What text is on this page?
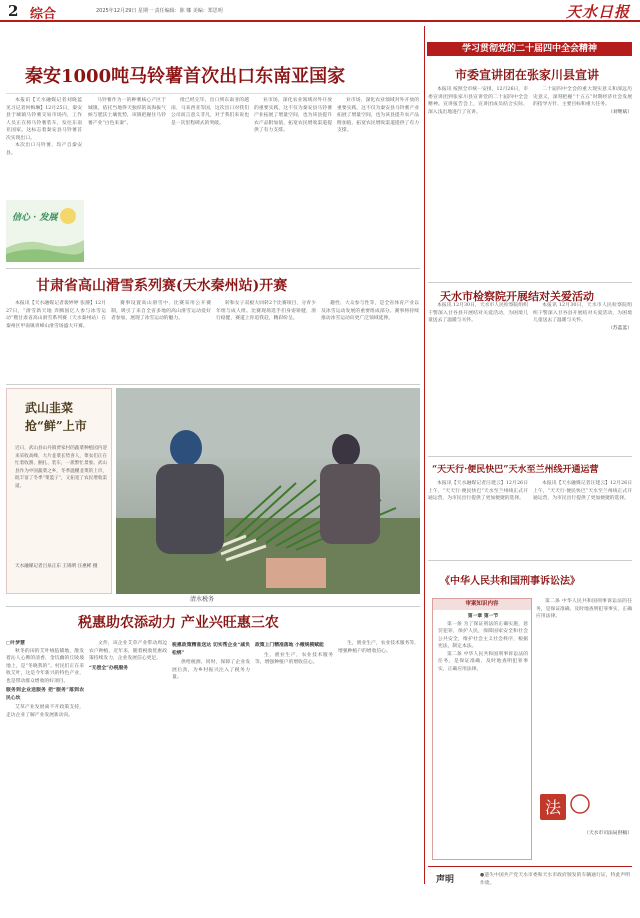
2 综合	2025年12月29日 星期一 责任编辑：陈 娜 美编：郑思明	天水日报
秦安1000吨马铃薯首次出口东南亚国家

本报讯【天水融媒记者刘晓蓝见习记者何梅琳】12月25日，秦安县于城镇马铃薯交易市场内，工作人员正在将马铃薯装车，发往东南亚国家。这标志着秦安县马铃薯首次实现出口。

本次出口马铃薯，均产自秦安县。

信心 · 发展

马铃薯作为一的种薯核心产区于城镇，依托当地得天独厚的高海拔气候与肥沃土壤优势，该镇把握住马铃薯产业“白色来秦”。

批已经完毕，出口到东南亚的越南、马来西亚等国，这次出口对我们公司而言意义非凡，对于我们来说也是一次里程碑式的突破。

业市场，深化农业领域对外开放的重要实践，这不仅为秦安县马铃薯产业拓展了增量空间，也为该县提升农产品附加值、拓宽农民增收渠道提供了有力支撑。

业市场，深化农业领域对外开放的重要实践，这不仅为秦安县马铃薯产业拓展了增量空间，也为该县提升农产品附加值、拓宽农民增收渠道提供了有力支撑。

甘肃省高山滑雪系列赛(天水秦州站)开赛

本报讯【天水融媒记者裴婷婷 张静】12月27日，“滑雪新天地 奔腾国亿人参与冰雪运动”暨甘肃省高山滑雪系列赛（天水秦州站）在秦州区甲南镇青峰山滑雪场盛大开赛。

赛事设置高山滑雪中，比赛采用公开赛制，吸引了来自全省多地的高山滑雪运动爱好者参加，展现了冰雪运动的魅力。

转和女子双板大回转2个比赛项目，分青少年组与成人组。比赛现场选手们身姿矫健，滑行稳健，赛道上你追我赶，精彩纷呈。

趣性、大众参与性等，是全省体育产业以及冰雪运动发展的重要组成部分。赛事将持续推动冰雪运动向更广泛领域延伸。

武山韭菜
抢“鲜”上市
近日，武山县山丹镇贾家村的蔬菜种植园内迎来采收高峰，大片韭菜长势喜人，菜农们正在忙着收割、捆扎、装车，一派繁忙景象。武山县作为中国蔬菜之乡，冬季温棚韭菜的上市，既丰富了冬季“菜篮子”，又拓宽了农民增收渠道。
天水融媒记者吕泉正东 王锦明 汪惠彬 摄
清水税务
税惠助农添动力 产业兴旺惠三农

□叶梦慧

秋冬的田的艾叶绒毡铺地，散发着沁人心脾的清香，金坑幽的丘陵坡地上，是“冬晓我的”。村民们正在采收艾叶，这是今年新兴的特色产业，也是带动群众增收的好项目。

服务到企业送服务 把“服务”落到农民心坎

艾草产业发展离不开政策支持，走访企业了解产业发展新动向。

文件，该企业艾草产业带动周边农户种植，近年来，随着税收优惠政策持续发力，企业发展信心更足。

“无偿全”办税服务

税惠政策精准送达 切实帮企业“减负松绑”

供给税源，同时，保障了企业发展后劲，为乡村振兴注入了税务力量。

政策上门精准落地 小微规模赋能

生，渔业生产，农业技术服务等，增强种植户的增收信心。

生，渔业生产，农业技术服务等，增强种植户的增收信心。

学习贯彻党的二十届四中全会精神
市委宣讲团在张家川县宣讲

本报讯 按照全市统一安排，12月26日，市委宣讲团到张家川县宣讲党的二十届四中全会精神。宣讲报告会上，宣讲团成员结合实际，深入浅出地进行了宣讲。

二十届四中全会的重大现实意义和深远历史意义，深刻把握“十五五”时期经济社会发展的指导方针、主要目标和重大任务。

（刘继斌）

天水市检察院开展结对关爱活动

本报讯 12月30日，天水市人民检察院组织干警深入甘谷县开展结对关爱活动，为困境儿童送去了温暖与关怀。

本报讯 12月30日，天水市人民检察院组织干警深入甘谷县开展结对关爱活动，为困境儿童送去了温暖与关怀。

（苏蓝蓝）

“天天行·便民快巴”天水至兰州线开通运营

本报讯【天水融媒记者汪建云】12月26日上午，“天天行·便民快巴”天水至兰州线正式开通运营，为市民出行提供了更加便捷的选择。

本报讯【天水融媒记者汪建云】12月26日上午，“天天行·便民快巴”天水至兰州线正式开通运营，为市民出行提供了更加便捷的选择。

《中华人民共和国刑事诉讼法》
审案知识内容

第一章 第一节

第一条 为了保证刑法的正确实施，惩罚犯罪，保护人民，保障国家安全和社会公共安全，维护社会主义社会秩序，根据宪法，制定本法。

第二条 中华人民共和国刑事诉讼法的任务，是保证准确、及时地查明犯罪事实，正确应用法律。

第二条 中华人民共和国刑事诉讼法的任务，是保证准确、及时地查明犯罪事实，正确应用法律。

法

（天水市司法局供稿）

声明	●遗失中国共产党天水市委和天水市政府颁发的车辆通行证，特此声明作废。
